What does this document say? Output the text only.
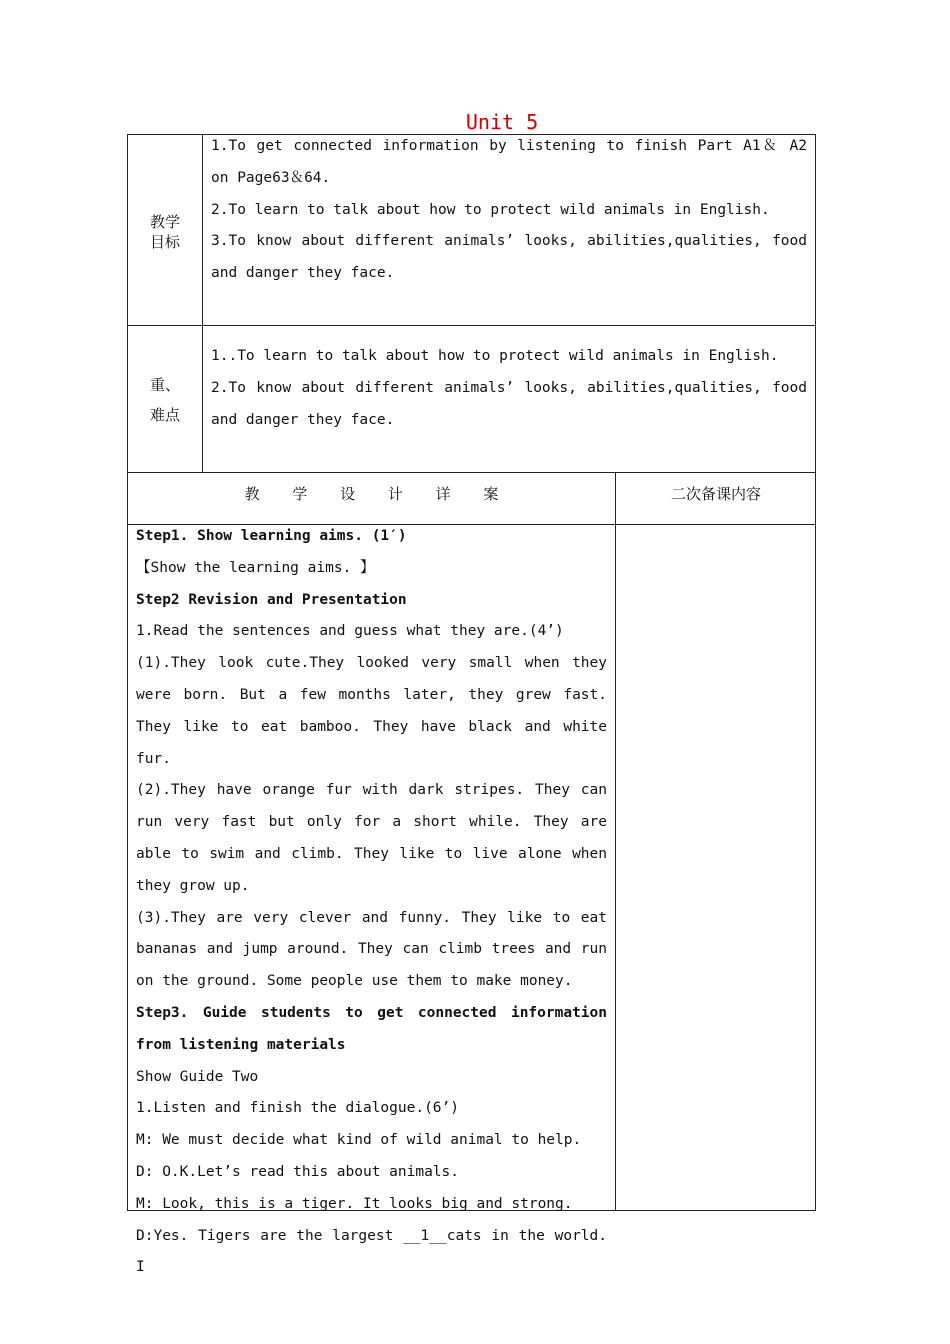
Unit 5
教学
目标

1.To get connected information by listening to finish Part A1＆ A2 on Page63＆64.

2.To learn to talk about how to protect wild animals in English.

3.To know about different animals’ looks, abilities,qualities, food and danger they face.

重、
难点

1..To learn to talk about how to protect wild animals in English.

2.To know about different animals’ looks, abilities,qualities, food and danger they face.

教 学 设 计 详 案	二次备课内容

Step1. Show learning aims. (1′)

【Show the learning aims. 】

Step2 Revision and Presentation

1.Read the sentences and guess what they are.(4’)

(1).They look cute.They looked very small when they were born. But a few months later, they grew fast. They like to eat bamboo. They have black and white fur.

(2).They have orange fur with dark stripes. They can run very fast but only for a short while. They are able to swim and climb. They like to live alone when they grow up.

(3).They are very clever and funny. They like to eat bananas and jump around. They can climb trees and run on the ground. Some people use them to make money.

Step3. Guide students to get connected information from listening materials

Show Guide Two

1.Listen and finish the dialogue.(6’)

M: We must decide what kind of wild animal to help.

D: O.K.Let’s read this about animals.

M: Look, this is a tiger. It looks big and strong.

D:Yes. Tigers are the largest __1__cats in the world. I
